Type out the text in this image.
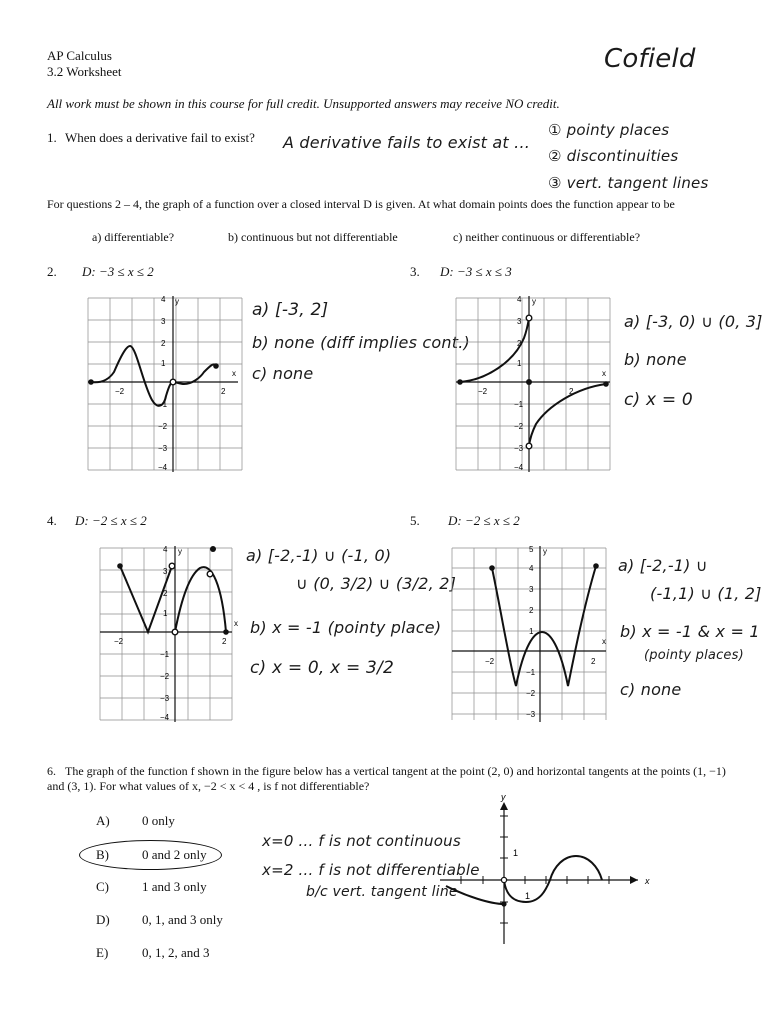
AP Calculus
3.2 Worksheet	Cofield
All work must be shown in this course for full credit. Unsupported answers may receive NO credit.
1. When does a derivative fail to exist? A derivative fails to exist at ...
① pointy places
② discontinuities
③ vert. tangent lines
For questions 2 – 4, the graph of a function over a closed interval D is given. At what domain points does the function appear to be
a) differentiable?	b) continuous but not differentiable	c) neither continuous or differentiable?
2. D: −3 ≤ x ≤ 2	3. D: −3 ≤ x ≤ 3
y
x
−2	2
4
3
2
1
−1
−2
−3
−4
a) [-3, 2]
b) none (diff implies cont.)
c) none
y
x
−2	2
4
3
2
1
−1
−2
−3
−4
a) [-3, 0) ∪ (0, 3]
b) none
c) x = 0
4. D: −2 ≤ x ≤ 2	5. D: −2 ≤ x ≤ 2
y
x
−2	2
4
3
2
1
−1
−2
−3
−4
a) [-2,-1) ∪ (-1, 0)
∪ (0, 3/2) ∪ (3/2, 2]
b) x = -1 (pointy place)
c) x = 0, x = 3/2
y
x
−2	2
5
4
3
2
1
−1
−2
−3
a) [-2,-1) ∪
(-1,1) ∪ (1, 2]
b) x = -1 & x = 1
(pointy places)
c) none
6. The graph of the function f shown in the figure below has a vertical tangent at the point (2, 0) and horizontal tangents at the points (1, −1) and (3, 1). For what values of x, −2 < x < 4 , is f not differentiable?
A) 0 only
B)	0 and 2 only
C)	1 and 3 only
D) 0, 1, and 3 only
E)	0, 1, 2, and 3
x=0 ... f is not continuous
x=2 ... f is not differentiable
b/c vert. tangent line
y
x
1
1
